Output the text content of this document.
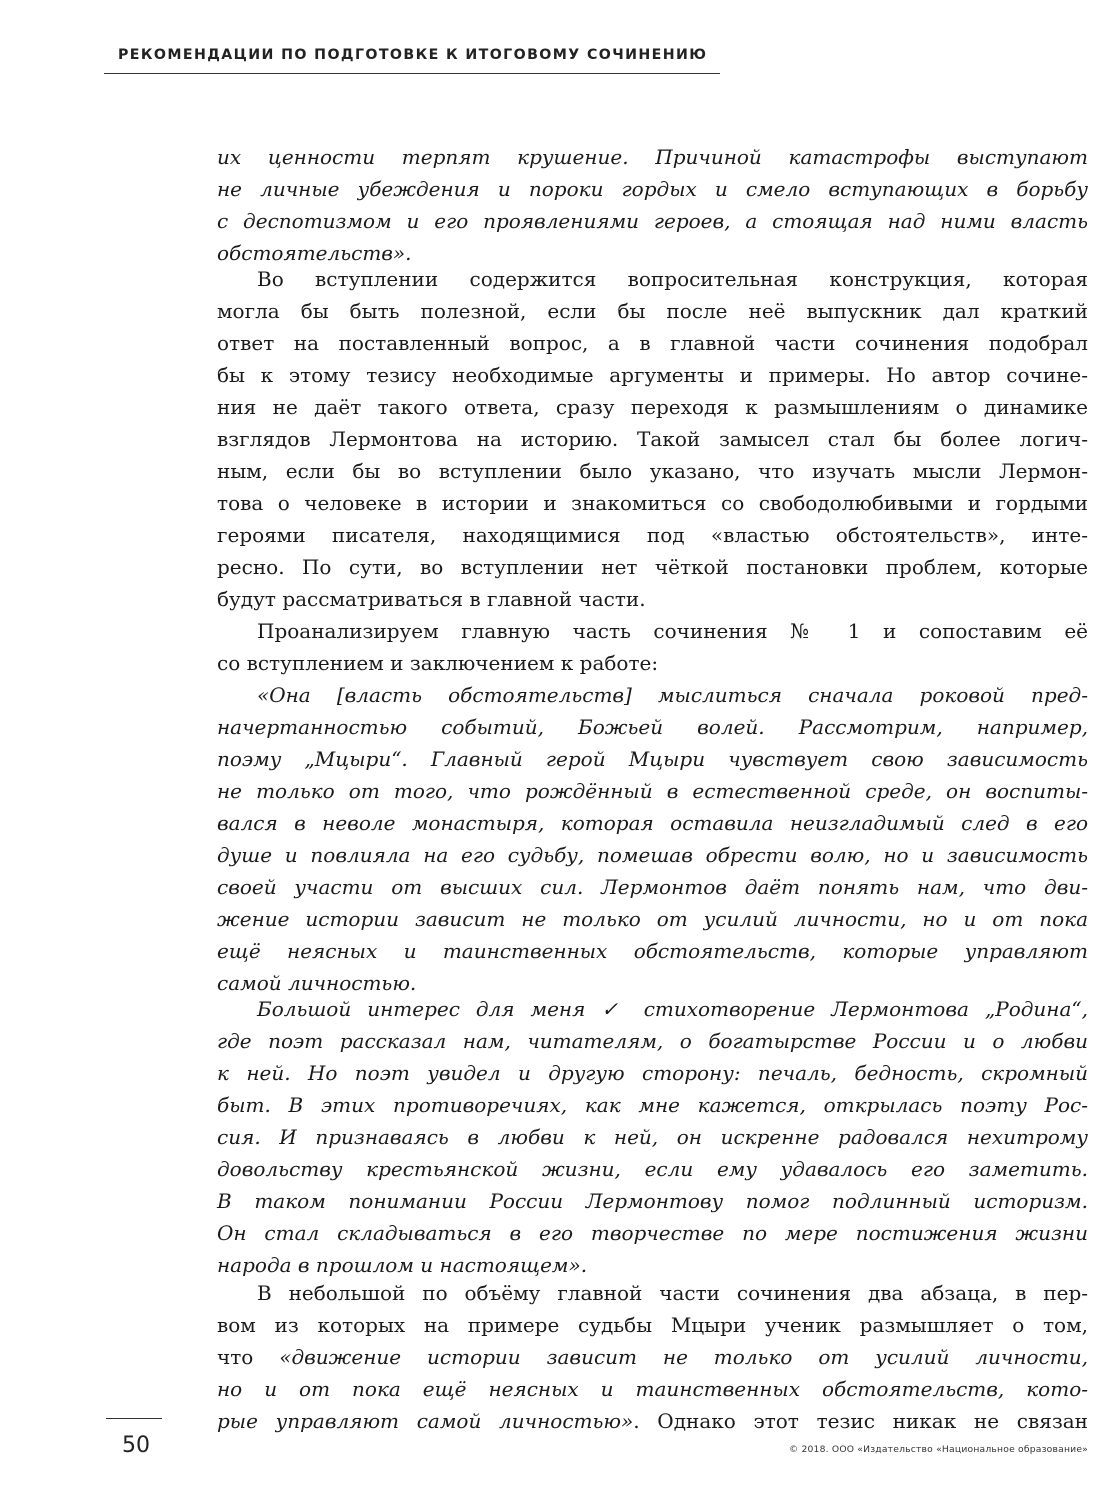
РЕКОМЕНДАЦИИ ПО ПОДГОТОВКЕ К ИТОГОВОМУ СОЧИНЕНИЮ
их ценности терпят крушение. Причиной катастрофы выступают
не личные убеждения и пороки гордых и смело вступающих в борьбу
с деспотизмом и его проявлениями героев, а стоящая над ними власть
обстоятельств».
Во вступлении содержится вопросительная конструкция, которая
могла бы быть полезной, если бы после неё выпускник дал краткий
ответ на поставленный вопрос, а в главной части сочинения подобрал
бы к этому тезису необходимые аргументы и примеры. Но автор сочине-
ния не даёт такого ответа, сразу переходя к размышлениям о динамике
взглядов Лермонтова на историю. Такой замысел стал бы более логич-
ным, если бы во вступлении было указано, что изучать мысли Лермон-
това о человеке в истории и знакомиться со свободолюбивыми и гордыми
героями писателя, находящимися под «властью обстоятельств», инте-
ресно. По сути, во вступлении нет чёткой постановки проблем, которые
будут рассматриваться в главной части.
Проанализируем главную часть сочинения № 1 и сопоставим её
со вступлением и заключением к работе:
«Она [власть обстоятельств] мыслиться сначала роковой пред-
начертанностью событий, Божьей волей. Рассмотрим, например,
поэму „Мцыри“. Главный герой Мцыри чувствует свою зависимость
не только от того, что рождённый в естественной среде, он воспиты-
вался в неволе монастыря, которая оставила неизгладимый след в его
душе и повлияла на его судьбу, помешав обрести волю, но и зависимость
своей участи от высших сил. Лермонтов даёт понять нам, что дви-
жение истории зависит не только от усилий личности, но и от пока
ещё неясных и таинственных обстоятельств, которые управляют
самой личностью.
Большой интерес для меня ✓ стихотворение Лермонтова „Родина“,
где поэт рассказал нам, читателям, о богатырстве России и о любви
к ней. Но поэт увидел и другую сторону: печаль, бедность, скромный
быт. В этих противоречиях, как мне кажется, открылась поэту Рос-
сия. И признаваясь в любви к ней, он искренне радовался нехитрому
довольству крестьянской жизни, если ему удавалось его заметить.
В таком понимании России Лермонтову помог подлинный историзм.
Он стал складываться в его творчестве по мере постижения жизни
народа в прошлом и настоящем».
В небольшой по объёму главной части сочинения два абзаца, в пер-
вом из которых на примере судьбы Мцыри ученик размышляет о том,
что «движение истории зависит не только от усилий личности,
но и от пока ещё неясных и таинственных обстоятельств, кото-
рые управляют самой личностью». Однако этот тезис никак не связан
50	© 2018. ООО «Издательство «Национальное образование»
